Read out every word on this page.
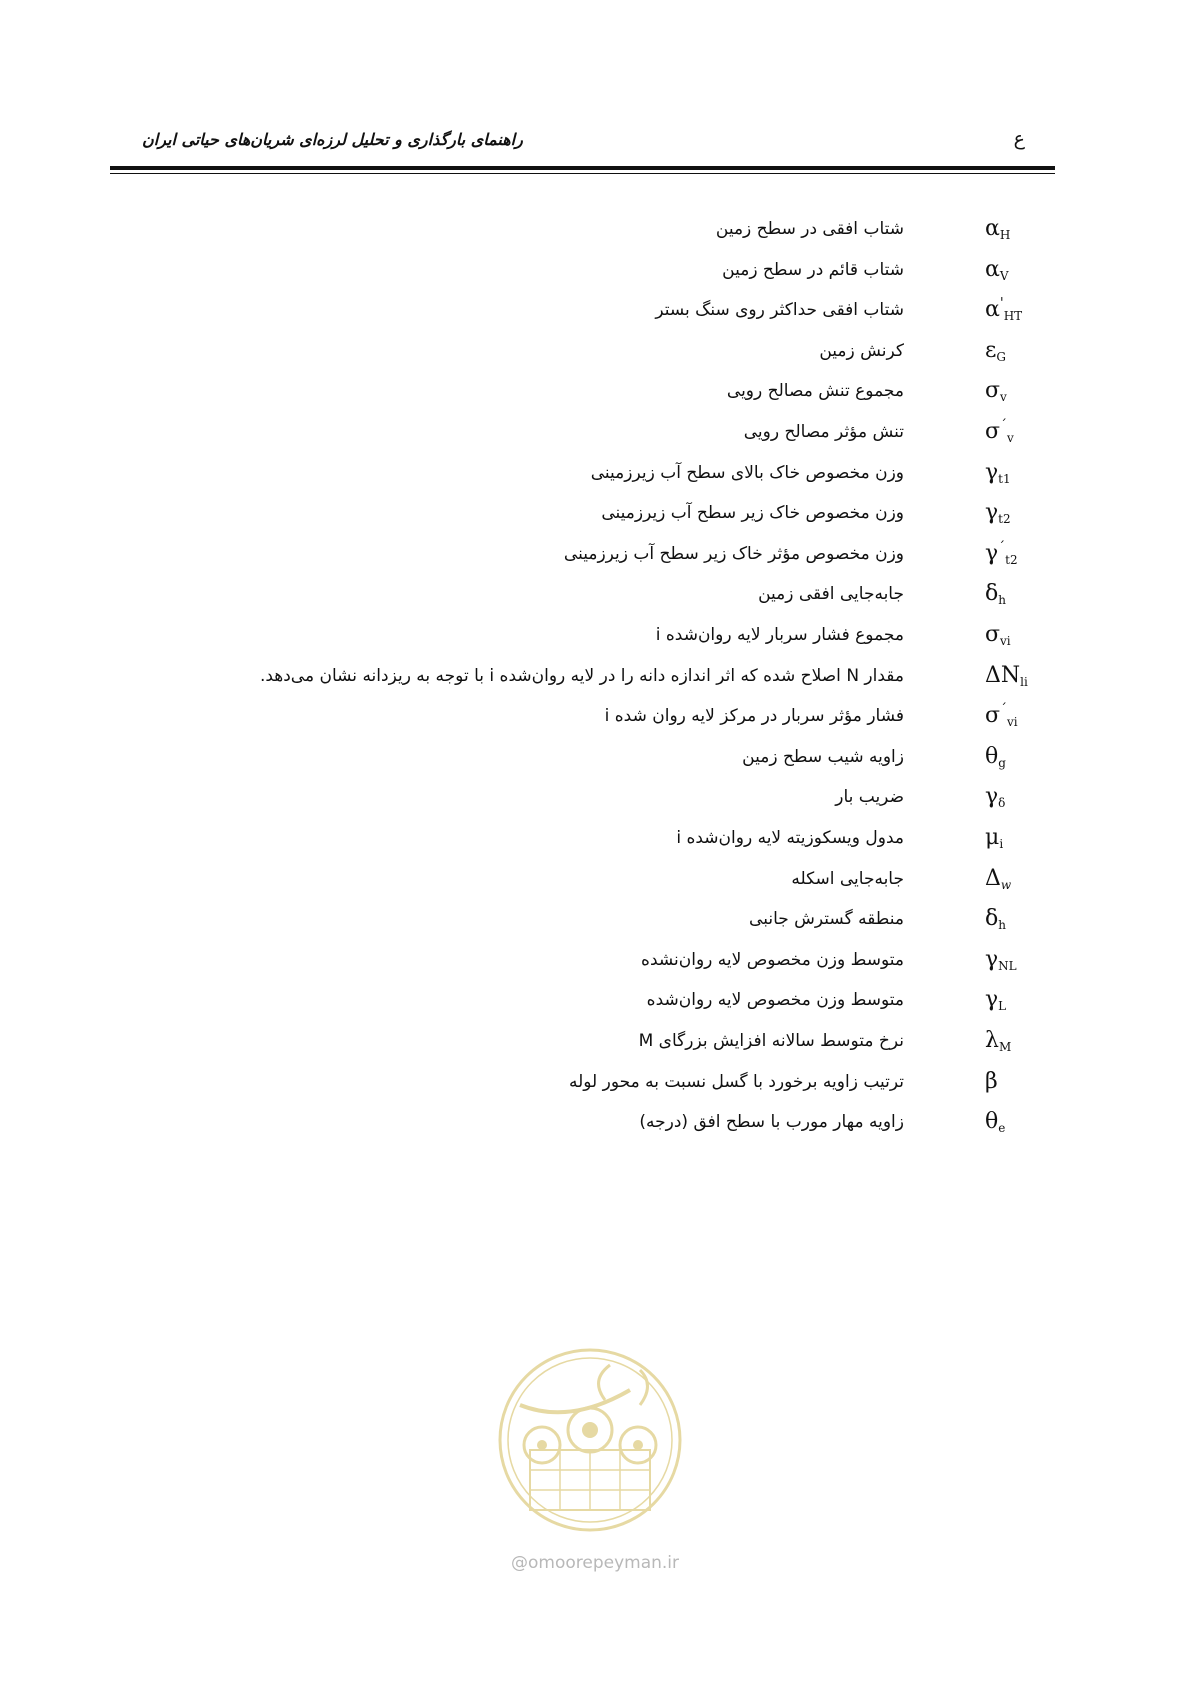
ع
راهنمای بارگذاری و تحلیل لرزه‌ای شریان‌های حیاتی ایران
شتاب افقی در سطح زمین	$\alpha_H$
شتاب قائم در سطح زمین	$\alpha_V$
شتاب افقی حداکثر روی سنگ بستر	$\alpha'_{HT}$
کرنش زمین	$\varepsilon_G$
مجموع تنش مصالح رویی	$\sigma_v$
تنش مؤثر مصالح رویی	$\sigma^´_v$
وزن مخصوص خاک بالای سطح آب زیرزمینی	$\gamma_{t1}$
وزن مخصوص خاک زیر سطح آب زیرزمینی	$\gamma_{t2}$
وزن مخصوص مؤثر خاک زیر سطح آب زیرزمینی	$\gamma^´_{t2}$
جابه‌جایی افقی زمین	$\delta_h$
مجموع فشار سربار لایه روان‌شده i	$\sigma_{vi}$
مقدار N اصلاح شده که اثر اندازه دانه را در لایه روان‌شده i با توجه به ریزدانه نشان می‌دهد.	$\Delta N_{li}$
فشار مؤثر سربار در مرکز لایه روان شده i	$\sigma^´_{vi}$
زاویه شیب سطح زمین	$\theta_g$
ضریب بار	$\gamma_\delta$
مدول ویسکوزیته لایه روان‌شده i	$\mu_i$
جابه‌جایی اسکله	$\Delta_w$
منطقه گسترش جانبی	$\delta_h$
متوسط وزن مخصوص لایه روان‌نشده	$\gamma_{NL}$
متوسط وزن مخصوص لایه روان‌شده	$\gamma_L$
نرخ متوسط سالانه افزایش بزرگای M	$\lambda_M$
ترتیب زاویه برخورد با گسل نسبت به محور لوله	β
زاویه مهار مورب با سطح افق (درجه)	$\theta_e$
@omoorepeyman.ir
